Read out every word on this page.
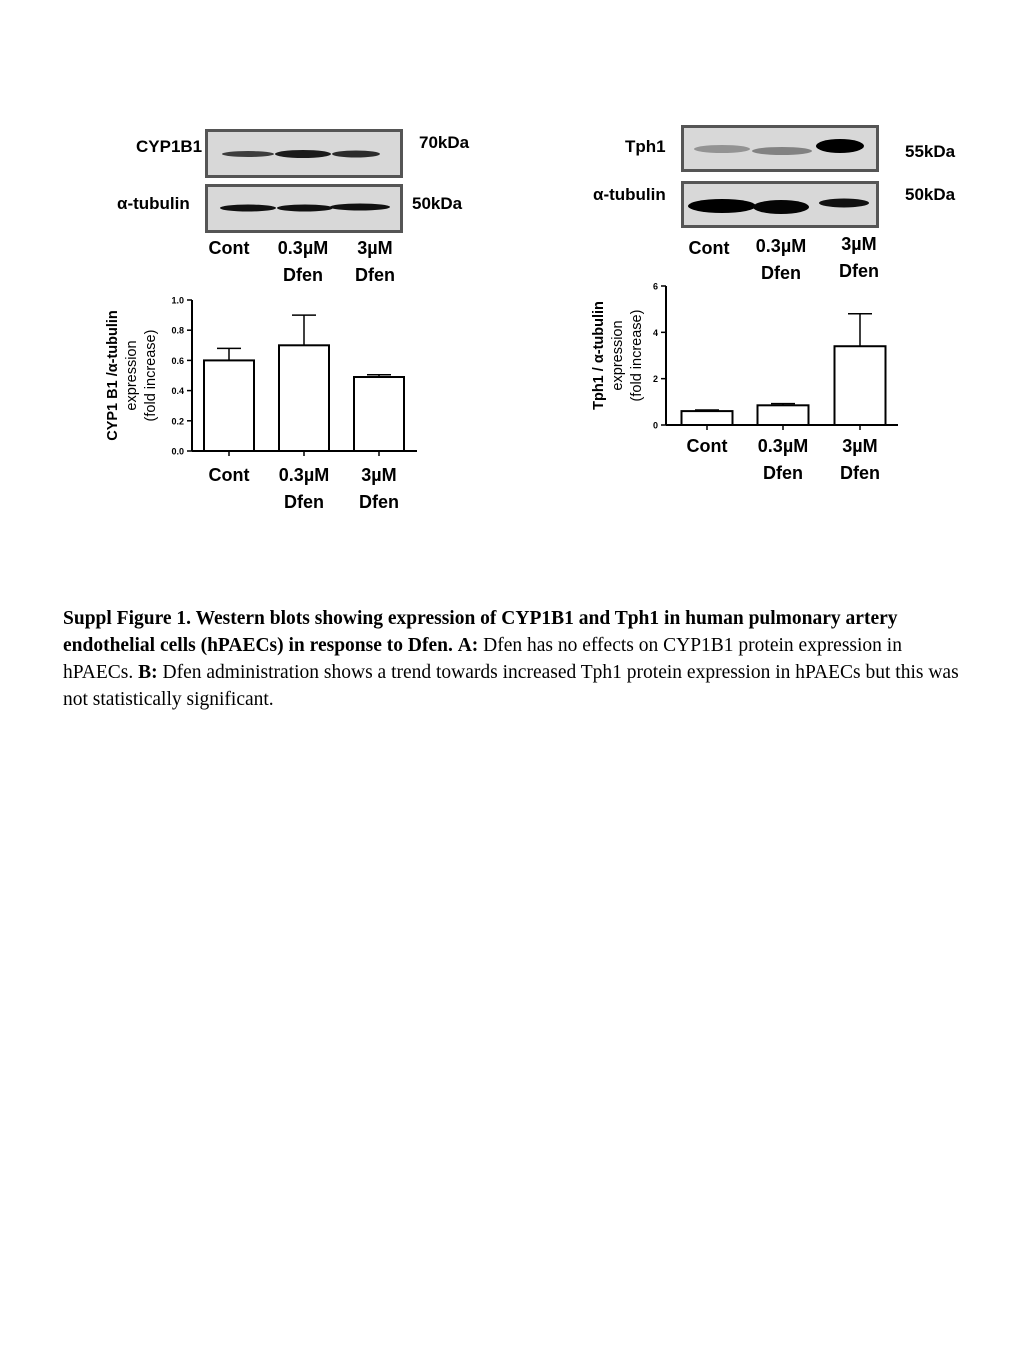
CYP1B1	70kDa
α-tubulin	50kDa
Cont	0.3µM
Dfen
3µM
Dfen
Tph1	55kDa
α-tubulin	50kDa
Cont	0.3µM
Dfen
3µM
Dfen
0.0
0.2
0.4
0.6
0.8
1.0
CYP1 B1 /α-tubulin expression (fold increase)
Cont 0.3µM
Dfen
3µM
Dfen
0
2
4
6
Tph1 / α-tubulin expression (fold increase)
Cont 0.3µM
Dfen
3µM
Dfen
Suppl Figure 1. Western blots showing expression of CYP1B1 and Tph1 in human pulmonary artery endothelial cells (hPAECs) in response to Dfen. A: Dfen has no effects on CYP1B1 protein expression in hPAECs. B: Dfen administration shows a trend towards increased Tph1 protein expression in hPAECs but this was not statistically significant.
